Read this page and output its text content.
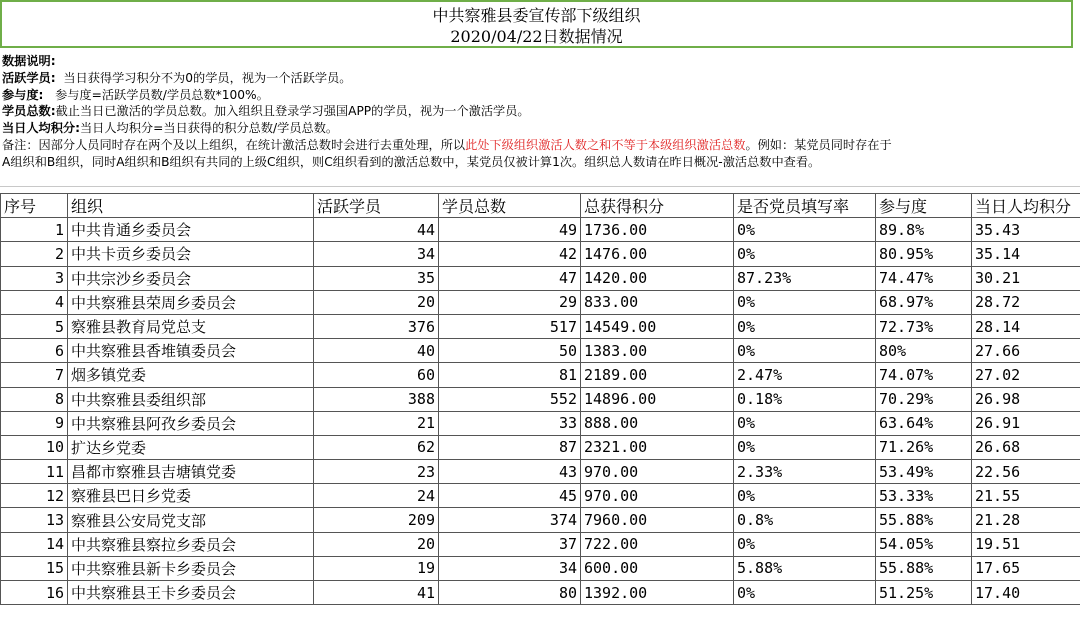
中共察雅县委宣传部下级组织
2020/04/22日数据情况
数据说明:
活跃学员: 当日获得学习积分不为0的学员，视为一个活跃学员。
参与度: 参与度=活跃学员数/学员总数*100%。
学员总数:截止当日已激活的学员总数。加入组织且登录学习强国APP的学员，视为一个激活学员。
当日人均积分:当日人均积分=当日获得的积分总数/学员总数。
备注：因部分人员同时存在两个及以上组织，在统计激活总数时会进行去重处理，所以此处下级组织激活人数之和不等于本级组织激活总数。例如：某党员同时存在于
A组织和B组织，同时A组织和B组织有共同的上级C组织，则C组织看到的激活总数中，某党员仅被计算1次。组织总人数请在昨日概况-激活总数中查看。
序号	组织	活跃学员	学员总数	总获得积分	是否党员填写率	参与度	当日人均积分
1	中共肯通乡委员会	44	49	1736.00	0%	89.8%	35.43
2	中共卡贡乡委员会	34	42	1476.00	0%	80.95%	35.14
3	中共宗沙乡委员会	35	47	1420.00	87.23%	74.47%	30.21
4	中共察雅县荣周乡委员会	20	29	833.00	0%	68.97%	28.72
5	察雅县教育局党总支	376	517	14549.00	0%	72.73%	28.14
6	中共察雅县香堆镇委员会	40	50	1383.00	0%	80%	27.66
7	烟多镇党委	60	81	2189.00	2.47%	74.07%	27.02
8	中共察雅县委组织部	388	552	14896.00	0.18%	70.29%	26.98
9	中共察雅县阿孜乡委员会	21	33	888.00	0%	63.64%	26.91
10	扩达乡党委	62	87	2321.00	0%	71.26%	26.68
11	昌都市察雅县吉塘镇党委	23	43	970.00	2.33%	53.49%	22.56
12	察雅县巴日乡党委	24	45	970.00	0%	53.33%	21.55
13	察雅县公安局党支部	209	374	7960.00	0.8%	55.88%	21.28
14	中共察雅县察拉乡委员会	20	37	722.00	0%	54.05%	19.51
15	中共察雅县新卡乡委员会	19	34	600.00	5.88%	55.88%	17.65
16	中共察雅县王卡乡委员会	41	80	1392.00	0%	51.25%	17.40
